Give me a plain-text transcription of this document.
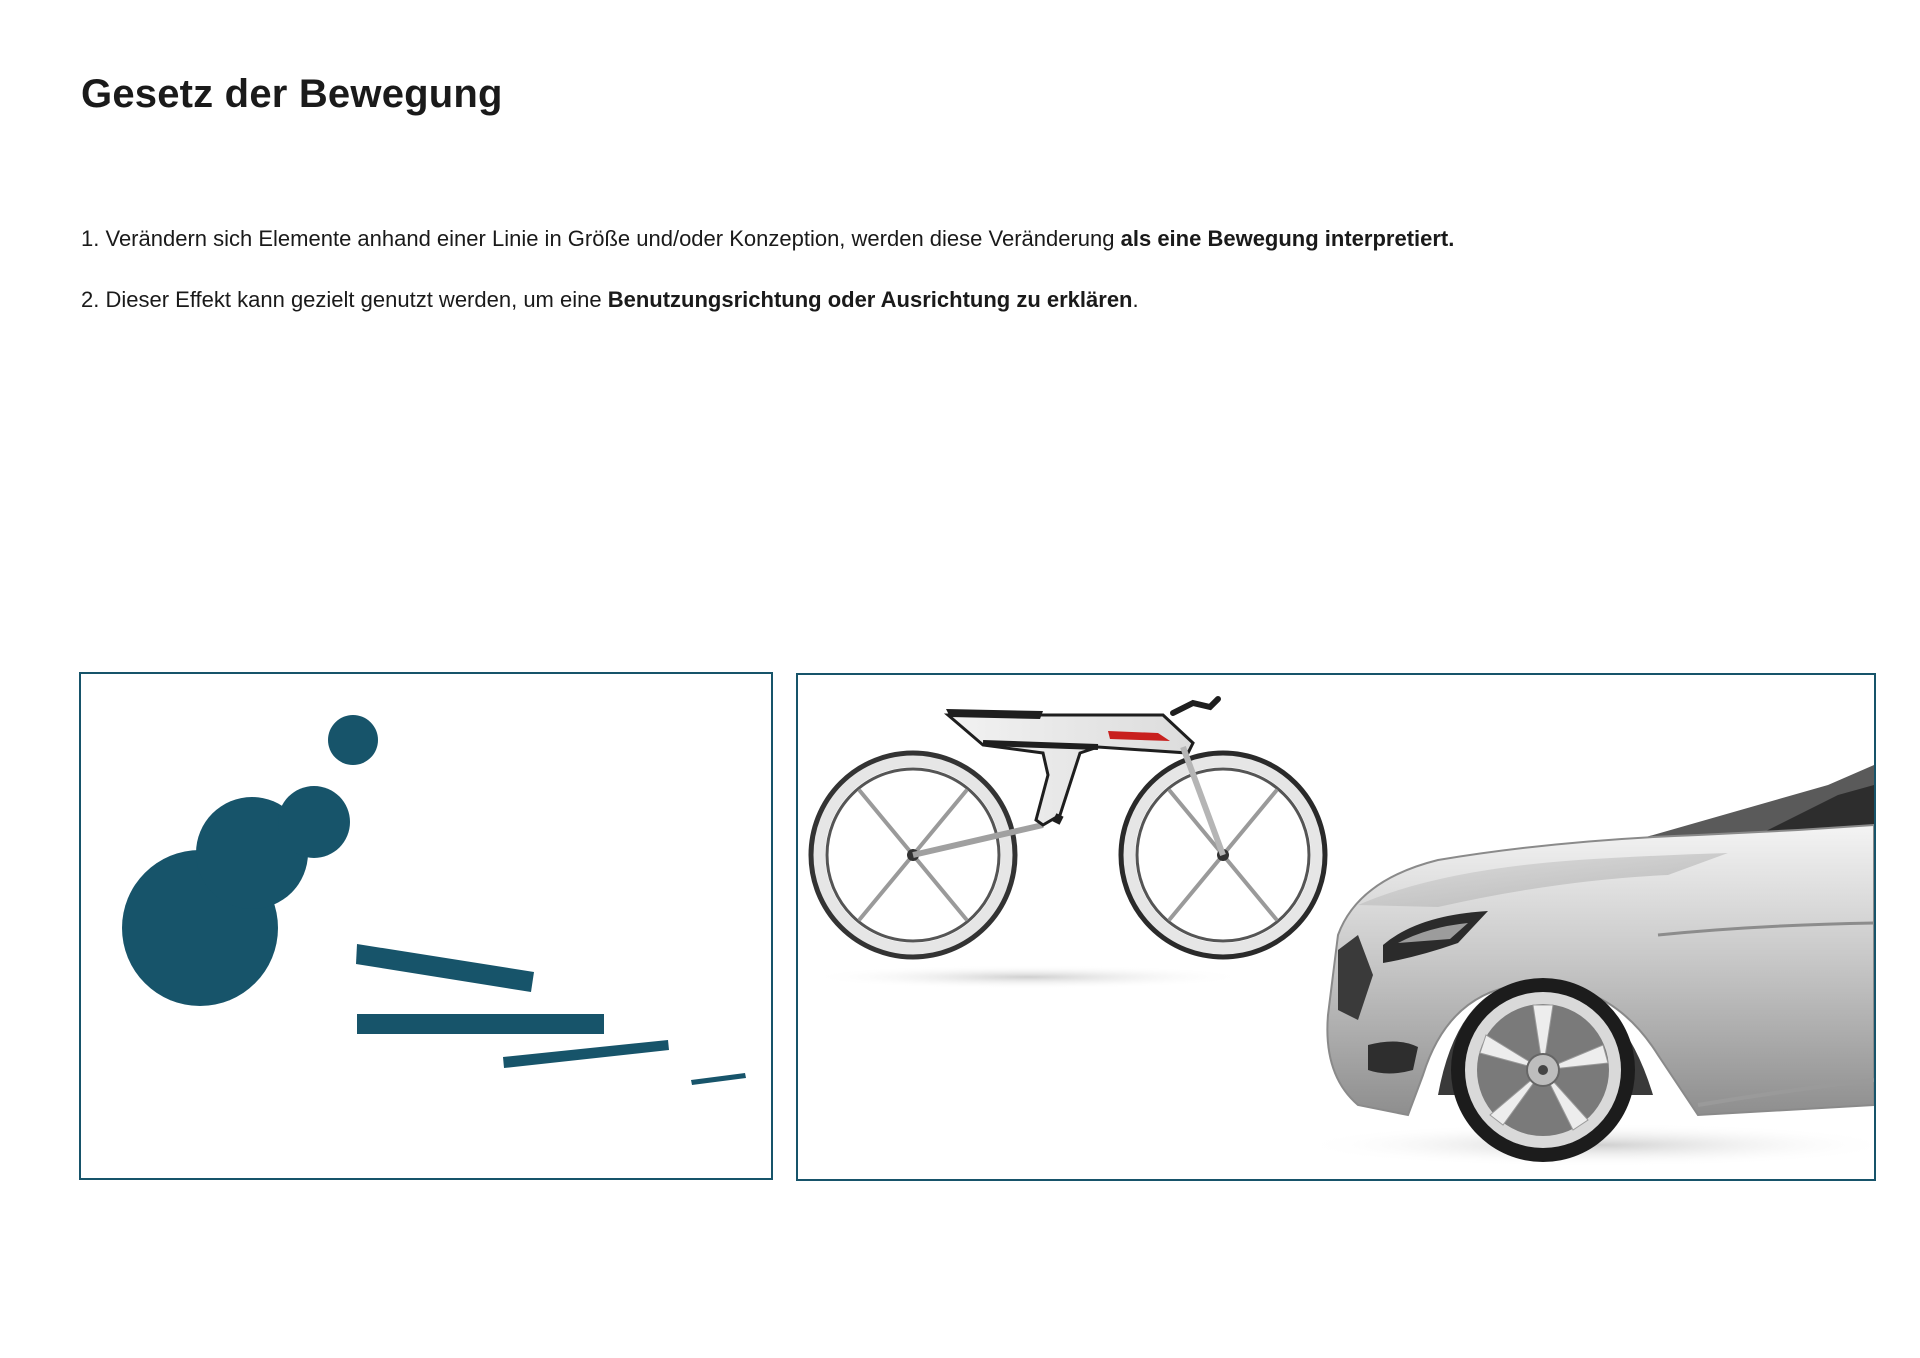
Gesetz der Bewegung

1. Verändern sich Elemente anhand einer Linie in Größe und/oder Konzeption, werden diese Veränderung als eine Bewegung interpretiert.

2. Dieser Effekt kann gezielt genutzt werden, um eine Benutzungsrichtung oder Ausrichtung zu erklären.
